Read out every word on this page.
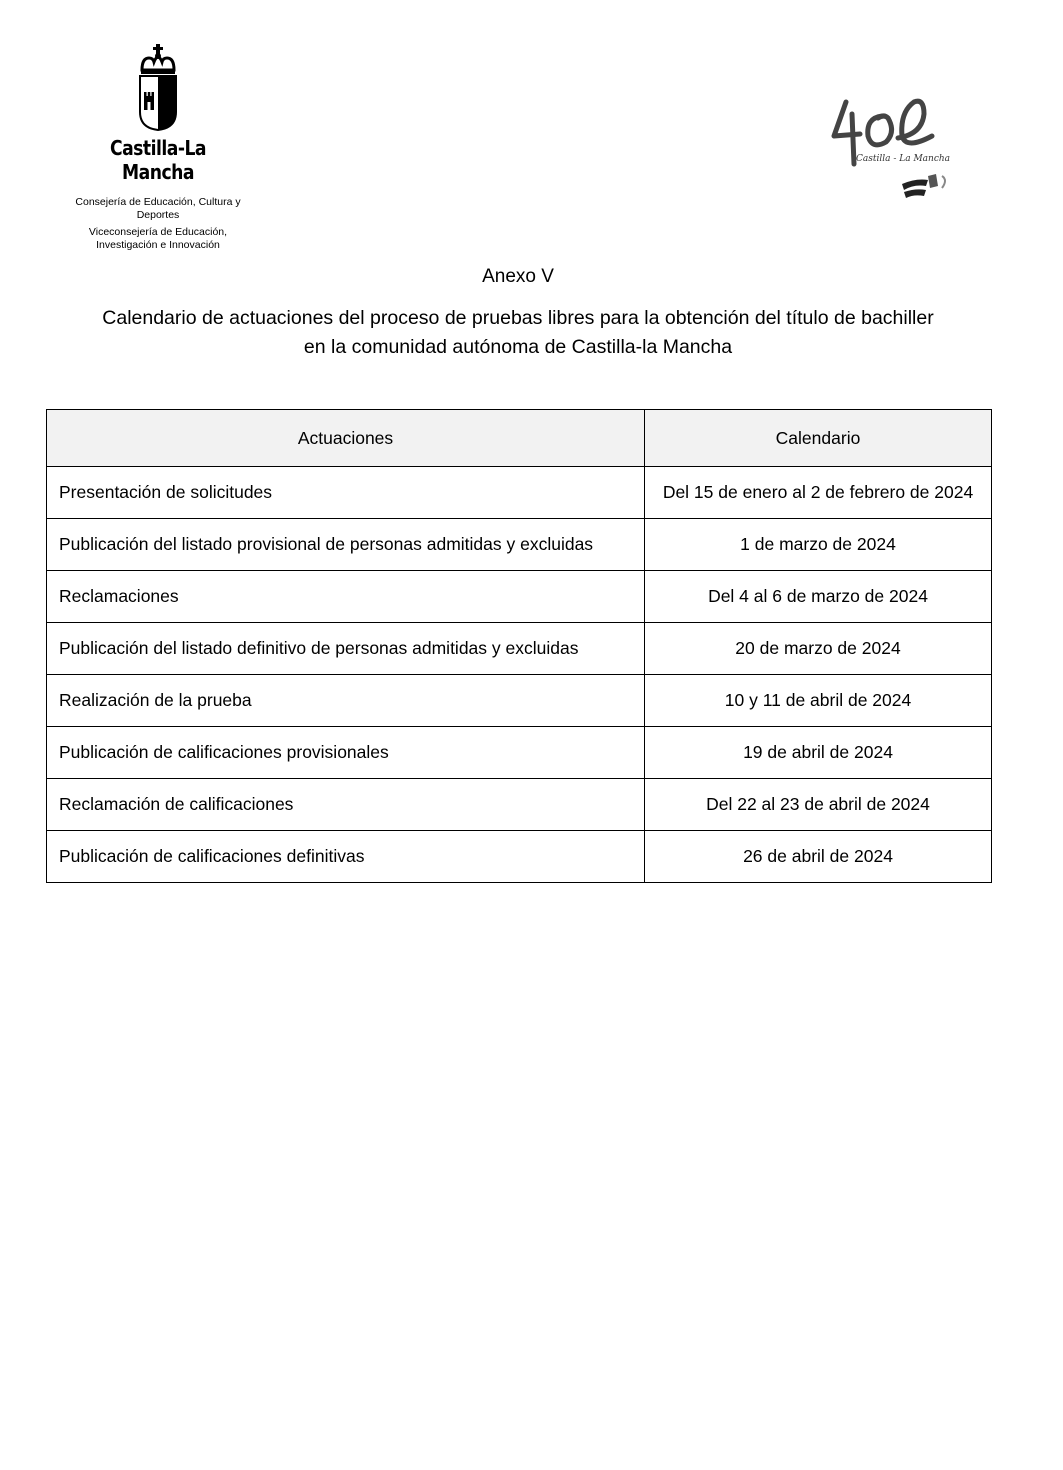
Castilla-La Mancha
Consejería de Educación, Cultura y Deportes
Viceconsejería de Educación, Investigación e Innovación
Castilla - La Mancha
Anexo V
Calendario de actuaciones del proceso de pruebas libres para la obtención del título de bachiller en la comunidad autónoma de Castilla-la Mancha
Actuaciones	Calendario
Presentación de solicitudes	Del 15 de enero al 2 de febrero de 2024
Publicación del listado provisional de personas admitidas y excluidas	1 de marzo de 2024
Reclamaciones	Del 4 al 6 de marzo de 2024
Publicación del listado definitivo de personas admitidas y excluidas	20 de marzo de 2024
Realización de la prueba	10 y 11 de abril de 2024
Publicación de calificaciones provisionales	19 de abril de 2024
Reclamación de calificaciones	Del 22 al 23 de abril de 2024
Publicación de calificaciones definitivas	26 de abril de 2024
